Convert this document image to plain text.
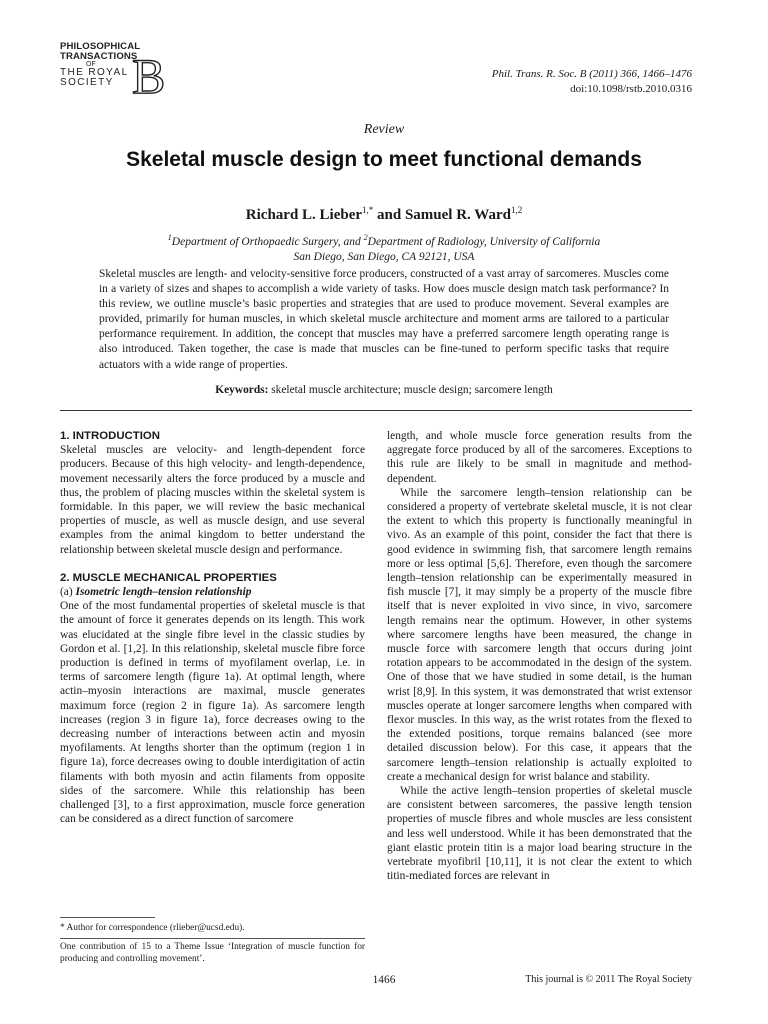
PHILOSOPHICAL
TRANSACTIONS
OF
THE ROYAL
SOCIETY B	Phil. Trans. R. Soc. B (2011) 366, 1466–1476
doi:10.1098/rstb.2010.0316
Review
Skeletal muscle design to meet functional demands
Richard L. Lieber$^{1,*}$ and Samuel R. Ward$^{1,2}$
$^1$Department of Orthopaedic Surgery, and $^2$Department of Radiology, University of California
San Diego, San Diego, CA 92121, USA
Skeletal muscles are length- and velocity-sensitive force producers, constructed of a vast array of sarcomeres. Muscles come in a variety of sizes and shapes to accomplish a wide variety of tasks. How does muscle design match task performance? In this review, we outline muscle’s basic properties and strategies that are used to produce movement. Several examples are provided, primarily for human muscles, in which skeletal muscle architecture and moment arms are tailored to a particular performance requirement. In addition, the concept that muscles may have a preferred sarcomere length operating range is also introduced. Taken together, the case is made that muscles can be fine-tuned to perform specific tasks that require actuators with a wide range of properties.
Keywords: skeletal muscle architecture; muscle design; sarcomere length
1. INTRODUCTION

Skeletal muscles are velocity- and length-dependent force producers. Because of this high velocity- and length-dependence, movement necessarily alters the force produced by a muscle and thus, the problem of placing muscles within the skeletal system is formidable. In this paper, we will review the basic mechanical properties of muscle, as well as muscle design, and use several examples from the animal kingdom to better understand the relationship between skeletal muscle design and performance.

2. MUSCLE MECHANICAL PROPERTIES
(a) Isometric length–tension relationship

One of the most fundamental properties of skeletal muscle is that the amount of force it generates depends on its length. This work was elucidated at the single fibre level in the classic studies by Gordon et al. [1,2]. In this relationship, skeletal muscle fibre force production is defined in terms of myofilament overlap, i.e. in terms of sarcomere length (figure 1a). At optimal length, where actin–myosin interactions are maximal, muscle generates maximum force (region 2 in figure 1a). As sarcomere length increases (region 3 in figure 1a), force decreases owing to the decreasing number of interactions between actin and myosin myofilaments. At lengths shorter than the optimum (region 1 in figure 1a), force decreases owing to double interdigitation of actin filaments with both myosin and actin filaments from opposite sides of the sarcomere. While this relationship has been challenged [3], to a first approximation, muscle force generation can be considered as a direct function of sarcomere

length, and whole muscle force generation results from the aggregate force produced by all of the sarcomeres. Exceptions to this rule are likely to be small in magnitude and method-dependent.

While the sarcomere length–tension relationship can be considered a property of vertebrate skeletal muscle, it is not clear the extent to which this property is functionally meaningful in vivo. As an example of this point, consider the fact that there is good evidence in swimming fish, that sarcomere length remains more or less optimal [5,6]. Therefore, even though the sarcomere length–tension relationship can be experimentally measured in fish muscle [7], it may simply be a property of the muscle fibre itself that is never exploited in vivo since, in vivo, sarcomere length remains near the optimum. However, in other systems where sarcomere lengths have been measured, the change in muscle force with sarcomere length that occurs during joint rotation appears to be accommodated in the design of the system. One of those that we have studied in some detail, is the human wrist [8,9]. In this system, it was demonstrated that wrist extensor muscles operate at longer sarcomere lengths when compared with flexor muscles. In this way, as the wrist rotates from the flexed to the extended positions, torque remains balanced (see more detailed discussion below). For this case, it appears that the sarcomere length–tension relationship is actually exploited to create a mechanical design for wrist balance and stability.

While the active length–tension properties of skeletal muscle are consistent between sarcomeres, the passive length tension properties of muscle fibres and whole muscles are less consistent and less well understood. While it has been demonstrated that the giant elastic protein titin is a major load bearing structure in the vertebrate myofibril [10,11], it is not clear the extent to which titin-mediated forces are relevant in

* Author for correspondence (rlieber@ucsd.edu).
One contribution of 15 to a Theme Issue ‘Integration of muscle function for producing and controlling movement’.
1466	This journal is © 2011 The Royal Society
